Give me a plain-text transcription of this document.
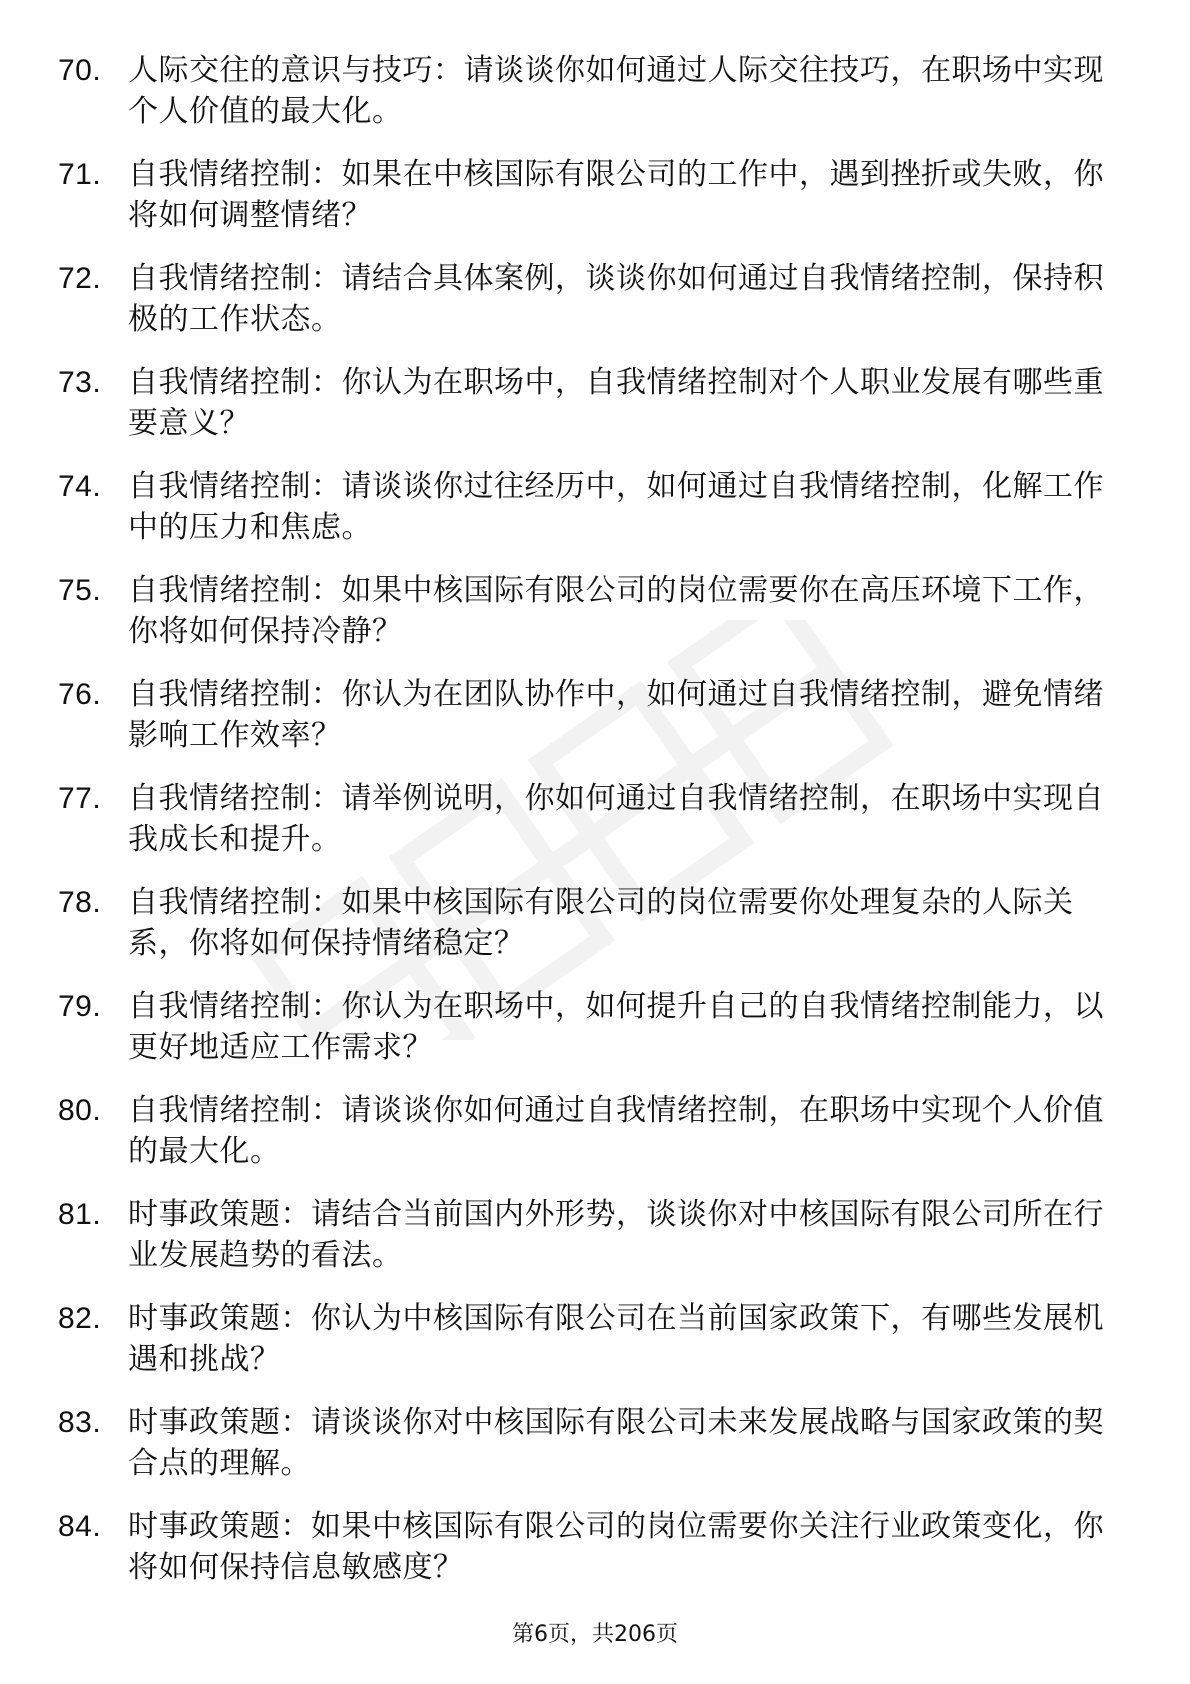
70. 人际交往的意识与技巧：请谈谈你如何通过人际交往技巧，在职场中实现个人价值的最大化。
71. 自我情绪控制：如果在中核国际有限公司的工作中，遇到挫折或失败，你将如何调整情绪？
72. 自我情绪控制：请结合具体案例，谈谈你如何通过自我情绪控制，保持积极的工作状态。
73. 自我情绪控制：你认为在职场中，自我情绪控制对个人职业发展有哪些重要意义？
74. 自我情绪控制：请谈谈你过往经历中，如何通过自我情绪控制，化解工作中的压力和焦虑。
75. 自我情绪控制：如果中核国际有限公司的岗位需要你在高压环境下工作，你将如何保持冷静？
76. 自我情绪控制：你认为在团队协作中，如何通过自我情绪控制，避免情绪影响工作效率？
77. 自我情绪控制：请举例说明，你如何通过自我情绪控制，在职场中实现自我成长和提升。
78. 自我情绪控制：如果中核国际有限公司的岗位需要你处理复杂的人际关系，你将如何保持情绪稳定？
79. 自我情绪控制：你认为在职场中，如何提升自己的自我情绪控制能力，以更好地适应工作需求？
80. 自我情绪控制：请谈谈你如何通过自我情绪控制，在职场中实现个人价值的最大化。
81. 时事政策题：请结合当前国内外形势，谈谈你对中核国际有限公司所在行业发展趋势的看法。
82. 时事政策题：你认为中核国际有限公司在当前国家政策下，有哪些发展机遇和挑战？
83. 时事政策题：请谈谈你对中核国际有限公司未来发展战略与国家政策的契合点的理解。
84. 时事政策题：如果中核国际有限公司的岗位需要你关注行业政策变化，你将如何保持信息敏感度？
第6页，共206页
